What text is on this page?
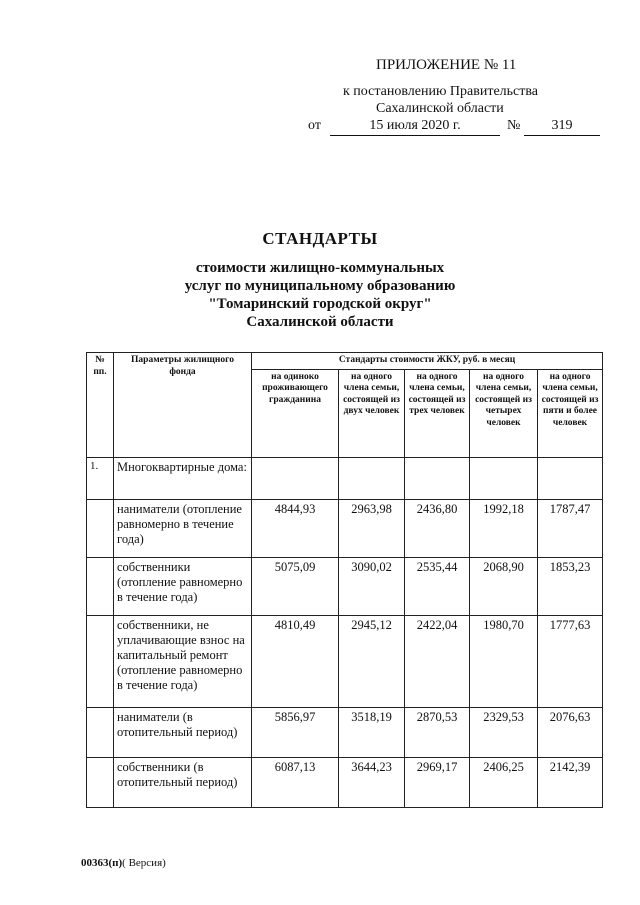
ПРИЛОЖЕНИЕ № 11
к постановлению Правительства
Сахалинской области
от	15 июля 2020 г.	№	319
СТАНДАРТЫ
стоимости жилищно-коммунальных
услуг по муниципальному образованию
"Томаринский городской округ"
Сахалинской области
№ пп.	Параметры жилищного фонда	Стандарты стоимости ЖКУ, руб. в месяц				
		на одиноко проживающего гражданина	на одного члена семьи, состоящей из двух человек	на одного члена семьи, состоящей из трех человек	на одного члена семьи, состоящей из четырех человек	на одного члена семьи, состоящей из пяти и более человек
1.	Многоквартирные дома:					
	наниматели (отопление равномерно в течение года)	4844,93	2963,98	2436,80	1992,18	1787,47
	собственники (отопление равномерно в течение года)	5075,09	3090,02	2535,44	2068,90	1853,23
	собственники, не уплачивающие взнос на капитальный ремонт (отопление равномерно в течение года)	4810,49	2945,12	2422,04	1980,70	1777,63
	наниматели (в отопительный период)	5856,97	3518,19	2870,53	2329,53	2076,63
	собственники (в отопительный период)	6087,13	3644,23	2969,17	2406,25	2142,39
00363(п)( Версия)
